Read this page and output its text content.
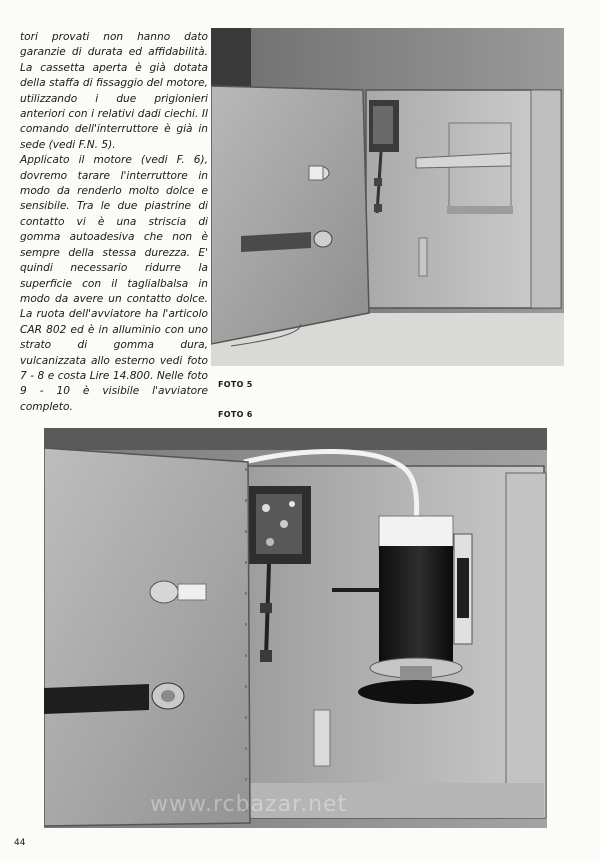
tori provati non hanno dato garanzie di durata ed affidabilità. La cassetta aperta è già dotata della staffa di fissaggio del motore, utilizzando i due prigionieri anteriori con i relativi dadi ciechi. Il comando dell'interruttore è già in sede (vedi F.N. 5).

Applicato il motore (vedi F. 6), dovremo tarare l'interruttore in modo da renderlo molto dolce e sensibile. Tra le due piastrine di contatto vi è una striscia di gomma autoadesiva che non è sempre della stessa durezza. E' quindi necessario ridurre la superficie con il taglialbalsa in modo da avere un contatto dolce. La ruota dell'avviatore ha l'articolo CAR 802 ed è in alluminio con uno strato di gomma dura, vulcanizzata allo esterno vedi foto 7 - 8 e costa Lire 14.800. Nelle foto 9 - 10 è visibile l'avviatore completo.

FOTO 5
FOTO 6
www.rcbazar.net
44
